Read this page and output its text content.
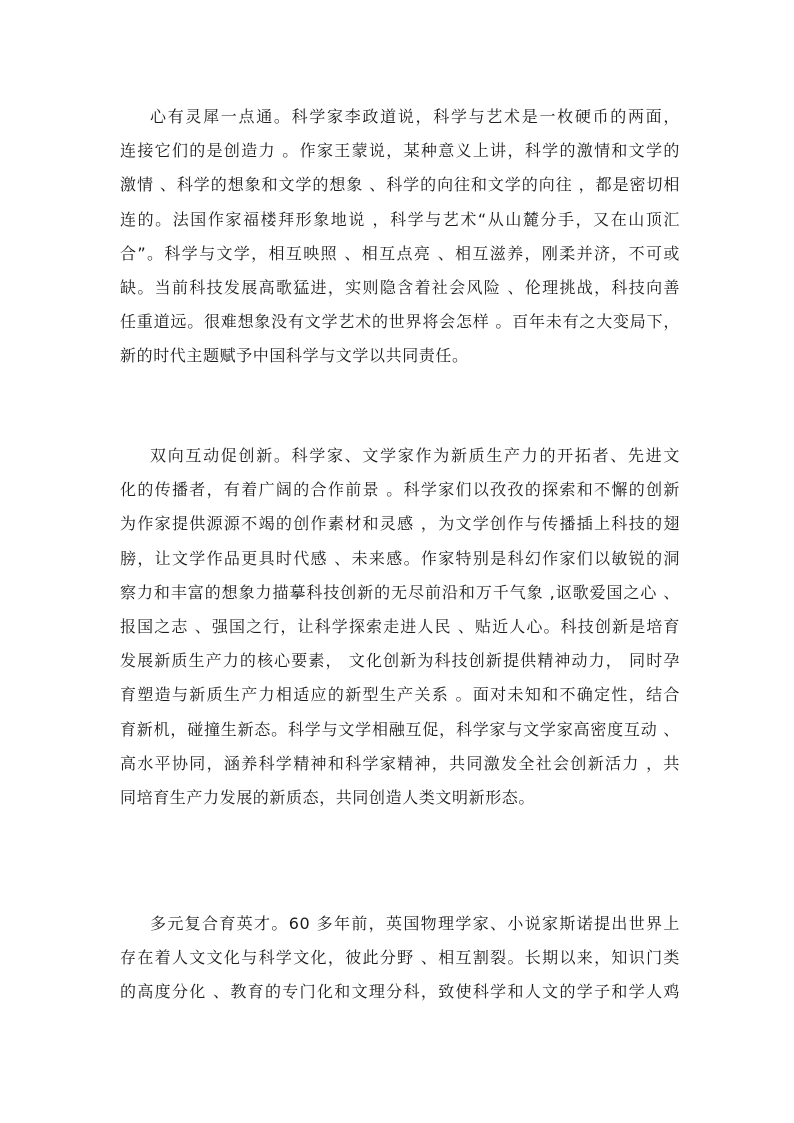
心有灵犀一点通。科学家李政道说，科学与艺术是一枚硬币的两面，
连接它们的是创造力 。作家王蒙说，某种意义上讲，科学的激情和文学的
激情 、科学的想象和文学的想象 、科学的向往和文学的向往 ，都是密切相
连的。法国作家福楼拜形象地说 ，科学与艺术“从山麓分手，又在山顶汇
合”。科学与文学，相互映照 、相互点亮 、相互滋养，刚柔并济，不可或
缺。当前科技发展高歌猛进，实则隐含着社会风险 、伦理挑战，科技向善
任重道远。很难想象没有文学艺术的世界将会怎样 。百年未有之大变局下，
新的时代主题赋予中国科学与文学以共同责任。
双向互动促创新。科学家、文学家作为新质生产力的开拓者、先进文
化的传播者，有着广阔的合作前景 。科学家们以孜孜的探索和不懈的创新
为作家提供源源不竭的创作素材和灵感 ，为文学创作与传播插上科技的翅
膀，让文学作品更具时代感 、未来感。作家特别是科幻作家们以敏锐的洞
察力和丰富的想象力描摹科技创新的无尽前沿和万千气象 ,讴歌爱国之心 、
报国之志 、强国之行，让科学探索走进人民 、贴近人心。科技创新是培育
发展新质生产力的核心要素， 文化创新为科技创新提供精神动力， 同时孕
育塑造与新质生产力相适应的新型生产关系 。面对未知和不确定性，结合
育新机，碰撞生新态。科学与文学相融互促，科学家与文学家高密度互动 、
高水平协同，涵养科学精神和科学家精神，共同激发全社会创新活力 ，共
同培育生产力发展的新质态，共同创造人类文明新形态。
多元复合育英才。60 多年前，英国物理学家、小说家斯诺提出世界上
存在着人文文化与科学文化，彼此分野 、相互割裂。长期以来，知识门类
的高度分化 、教育的专门化和文理分科，致使科学和人文的学子和学人鸡
